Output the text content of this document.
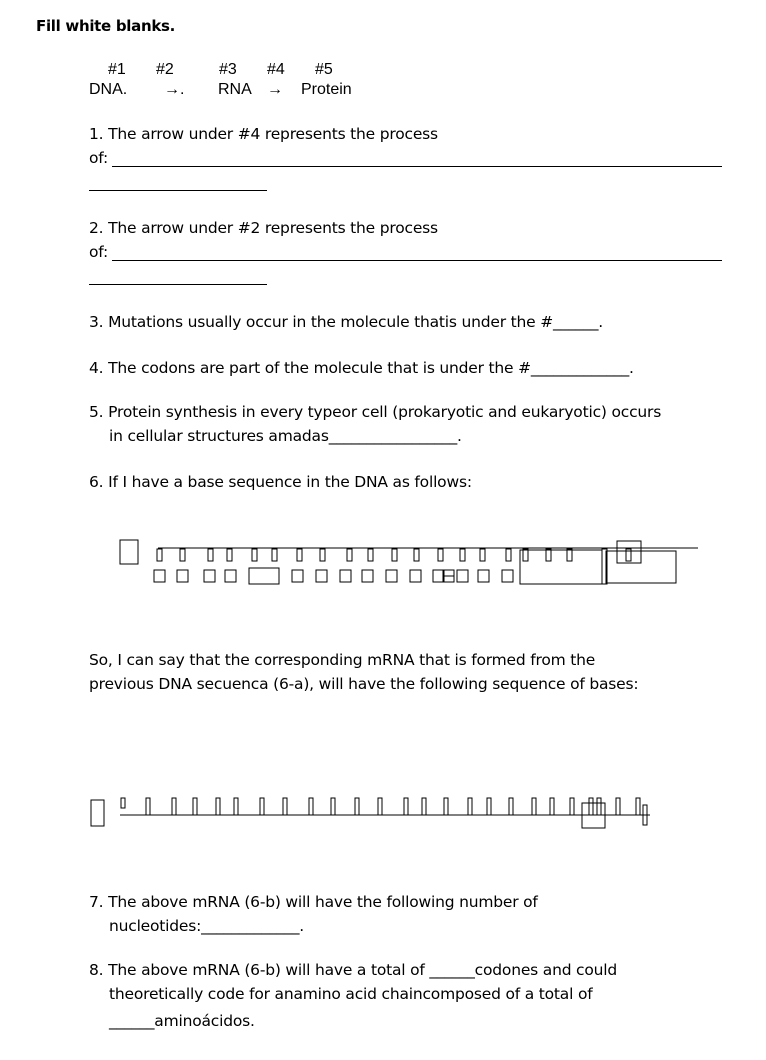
Fill white blanks.
#1 #2	#3 #4 #5
DNA. →. RNA → Protein
1. The arrow under #4 represents the process
of:
2. The arrow under #2 represents the process
of:
3. Mutations usually occur in the molecule thatis under the #______.
4. The codons are part of the molecule that is under the #_____________.
5. Protein synthesis in every typeor cell (prokaryotic and eukaryotic) occurs
in cellular structures amadas_________________.
6. If I have a base sequence in the DNA as follows:
So, I can say that the corresponding mRNA that is formed from the
previous DNA secuenca (6-a), will have the following sequence of bases:
7. The above mRNA (6-b) will have the following number of
nucleotides:_____________.
8. The above mRNA (6-b) will have a total of ______codones and could
theoretically code for anamino acid chaincomposed of a total of
______aminoácidos.
